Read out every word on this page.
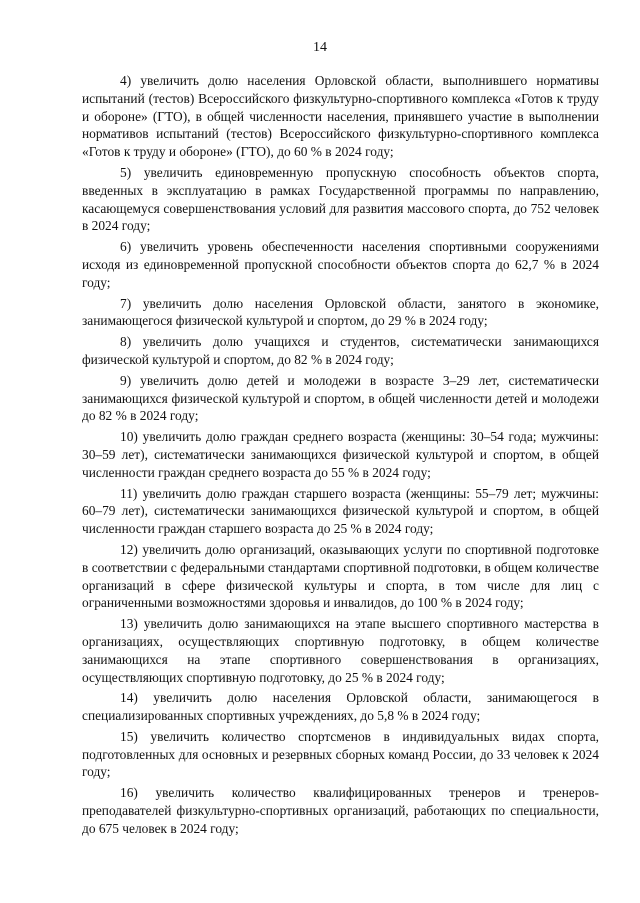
14

4) увеличить долю населения Орловской области, выполнившего нормативы испытаний (тестов) Всероссийского физкультурно-спортивного комплекса «Готов к труду и обороне» (ГТО), в общей численности населения, принявшего участие в выполнении нормативов испытаний (тестов) Всероссийского физкультурно-спортивного комплекса «Готов к труду и обороне» (ГТО), до 60 % в 2024 году;

5) увеличить единовременную пропускную способность объектов спорта, введенных в эксплуатацию в рамках Государственной программы по направлению, касающемуся совершенствования условий для развития массового спорта, до 752 человек в 2024 году;

6) увеличить уровень обеспеченности населения спортивными сооружениями исходя из единовременной пропускной способности объектов спорта до 62,7 % в 2024 году;

7) увеличить долю населения Орловской области, занятого в экономике, занимающегося физической культурой и спортом, до 29 % в 2024 году;

8) увеличить долю учащихся и студентов, систематически занимающихся физической культурой и спортом, до 82 % в 2024 году;

9) увеличить долю детей и молодежи в возрасте 3–29 лет, систематически занимающихся физической культурой и спортом, в общей численности детей и молодежи до 82 % в 2024 году;

10) увеличить долю граждан среднего возраста (женщины: 30–54 года; мужчины: 30–59 лет), систематически занимающихся физической культурой и спортом, в общей численности граждан среднего возраста до 55 % в 2024 году;

11) увеличить долю граждан старшего возраста (женщины: 55–79 лет; мужчины: 60–79 лет), систематически занимающихся физической культурой и спортом, в общей численности граждан старшего возраста до 25 % в 2024 году;

12) увеличить долю организаций, оказывающих услуги по спортивной подготовке в соответствии с федеральными стандартами спортивной подготовки, в общем количестве организаций в сфере физической культуры и спорта, в том числе для лиц с ограниченными возможностями здоровья и инвалидов, до 100 % в 2024 году;

13) увеличить долю занимающихся на этапе высшего спортивного мастерства в организациях, осуществляющих спортивную подготовку, в общем количестве занимающихся на этапе спортивного совершенствования в организациях, осуществляющих спортивную подготовку, до 25 % в 2024 году;

14) увеличить долю населения Орловской области, занимающегося в специализированных спортивных учреждениях, до 5,8 % в 2024 году;

15) увеличить количество спортсменов в индивидуальных видах спорта, подготовленных для основных и резервных сборных команд России, до 33 человек к 2024 году;

16) увеличить количество квалифицированных тренеров и тренеров-преподавателей физкультурно-спортивных организаций, работающих по специальности, до 675 человек в 2024 году;
